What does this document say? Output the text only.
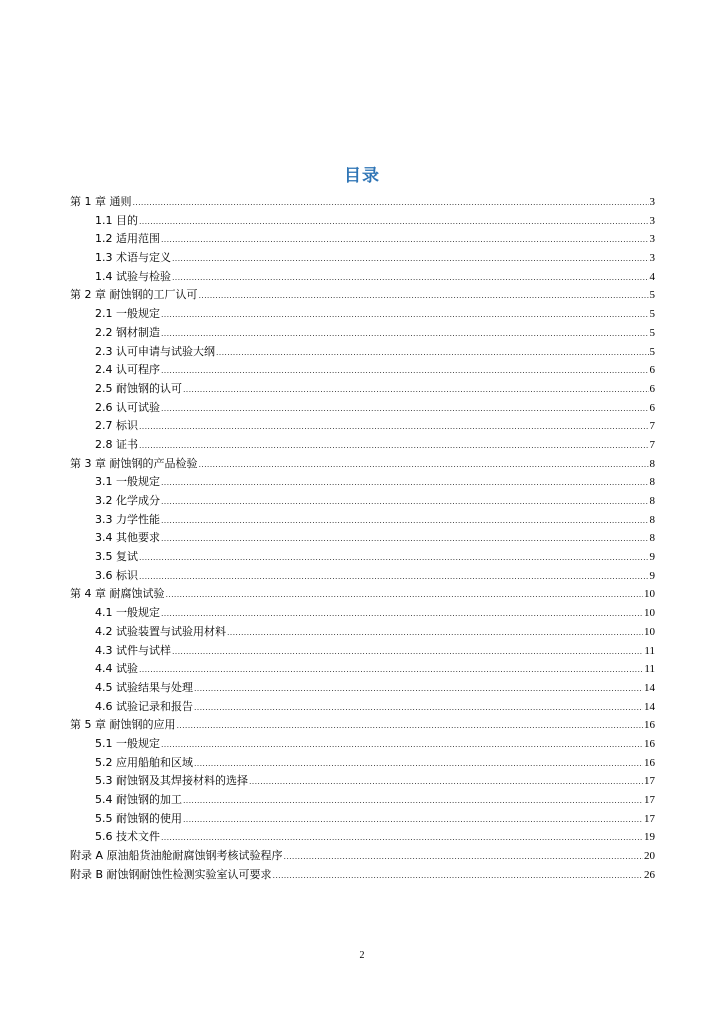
目录
第 1 章 通则 .....	3
1.1 目的 .....	3
1.2 适用范围 .....	3
1.3 术语与定义 .....	3
1.4 试验与检验 .....	4
第 2 章 耐蚀钢的工厂认可 .....	5
2.1 一般规定 .....	5
2.2 钢材制造 .....	5
2.3 认可申请与试验大纲 .....	5
2.4 认可程序 .....	6
2.5 耐蚀钢的认可 .....	6
2.6 认可试验 .....	6
2.7 标识 .....	7
2.8 证书 .....	7
第 3 章 耐蚀钢的产品检验 .....	8
3.1 一般规定 .....	8
3.2 化学成分 .....	8
3.3 力学性能 .....	8
3.4 其他要求 .....	8
3.5 复试 .....	9
3.6 标识 .....	9
第 4 章 耐腐蚀试验 .....	10
4.1 一般规定 .....	10
4.2 试验装置与试验用材料 .....	10
4.3 试件与试样 .....	11
4.4 试验 .....	11
4.5 试验结果与处理 .....	14
4.6 试验记录和报告 .....	14
第 5 章 耐蚀钢的应用 .....	16
5.1 一般规定 .....	16
5.2 应用船舶和区域 .....	16
5.3 耐蚀钢及其焊接材料的选择 .....	17
5.4 耐蚀钢的加工 .....	17
5.5 耐蚀钢的使用 .....	17
5.6 技术文件 .....	19
附录 A 原油船货油舱耐腐蚀钢考核试验程序 .....	20
附录 B 耐蚀钢耐蚀性检测实验室认可要求 .....	26
2
